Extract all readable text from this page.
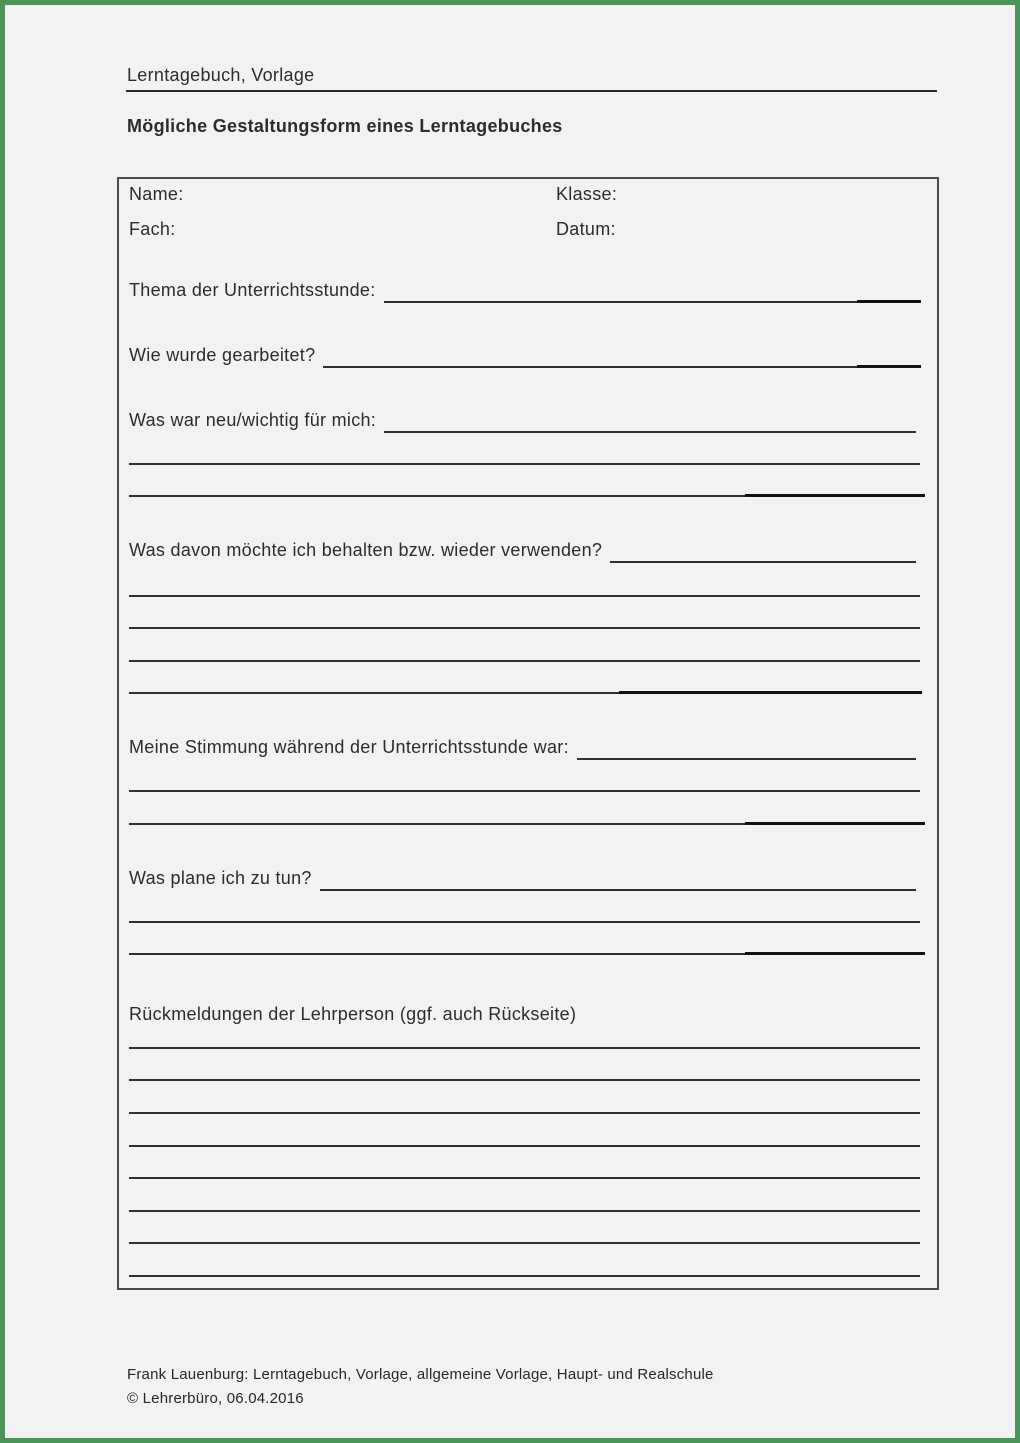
Lerntagebuch, Vorlage
Mögliche Gestaltungsform eines Lerntagebuches
Name:	Klasse:
Fach:	Datum:
Thema der Unterrichtsstunde:
Wie wurde gearbeitet?
Was war neu/wichtig für mich:
Was davon möchte ich behalten bzw. wieder verwenden?
Meine Stimmung während der Unterrichtsstunde war:
Was plane ich zu tun?
Rückmeldungen der Lehrperson (ggf. auch Rückseite)
Frank Lauenburg: Lerntagebuch, Vorlage, allgemeine Vorlage, Haupt- und Realschule
© Lehrerbüro, 06.04.2016
